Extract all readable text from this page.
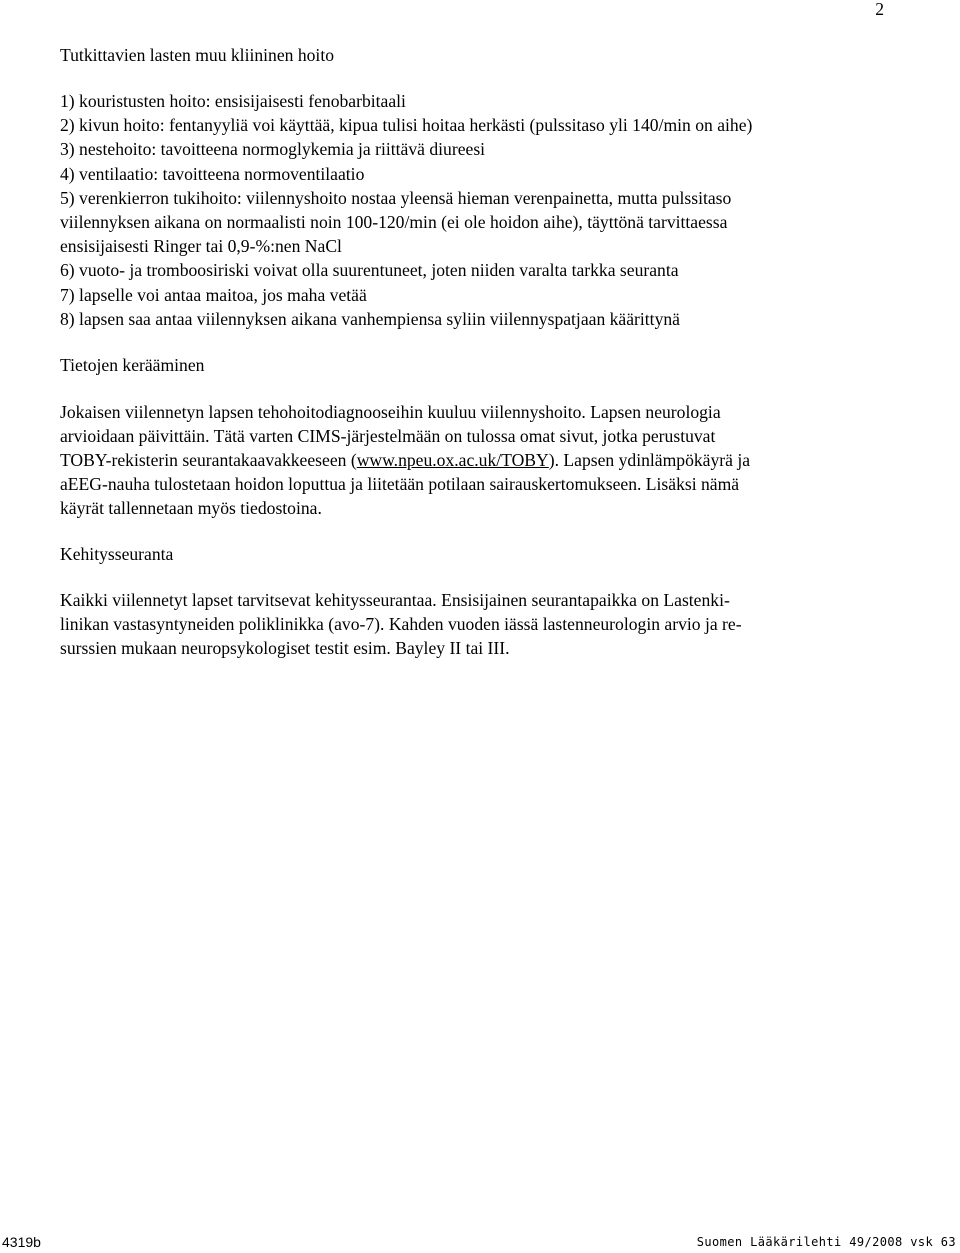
2
Tutkittavien lasten muu kliininen hoito
1) kouristusten hoito: ensisijaisesti fenobarbitaali
2) kivun hoito: fentanyyliä voi käyttää, kipua tulisi hoitaa herkästi (pulssitaso yli 140/min on aihe)
3) nestehoito: tavoitteena normoglykemia ja riittävä diureesi
4) ventilaatio: tavoitteena normoventilaatio
5) verenkierron tukihoito: viilennyshoito nostaa yleensä hieman verenpainetta, mutta pulssitaso
viilennyksen aikana on normaalisti noin 100-120/min (ei ole hoidon aihe), täyttönä tarvittaessa
ensisijaisesti Ringer tai 0,9-%:nen NaCl
6) vuoto- ja tromboosiriski voivat olla suurentuneet, joten niiden varalta tarkka seuranta
7) lapselle voi antaa maitoa, jos maha vetää
8) lapsen saa antaa viilennyksen aikana vanhempiensa syliin viilennyspatjaan käärittynä
Tietojen kerääminen
Jokaisen viilennetyn lapsen tehohoitodiagnooseihin kuuluu viilennyshoito. Lapsen neurologia
arvioidaan päivittäin. Tätä varten CIMS-järjestelmään on tulossa omat sivut, jotka perustuvat
TOBY-rekisterin seurantakaavakkeeseen (www.npeu.ox.ac.uk/TOBY). Lapsen ydinlämpökäyrä ja
aEEG-nauha tulostetaan hoidon loputtua ja liitetään potilaan sairauskertomukseen. Lisäksi nämä
käyrät tallennetaan myös tiedostoina.
Kehitysseuranta
Kaikki viilennetyt lapset tarvitsevat kehitysseurantaa. Ensisijainen seurantapaikka on Lastenki-
linikan vastasyntyneiden poliklinikka (avo-7). Kahden vuoden iässä lastenneurologin arvio ja re-
surssien mukaan neuropsykologiset testit esim. Bayley II tai III.
4319b	Suomen Lääkärilehti 49/2008 vsk 63
